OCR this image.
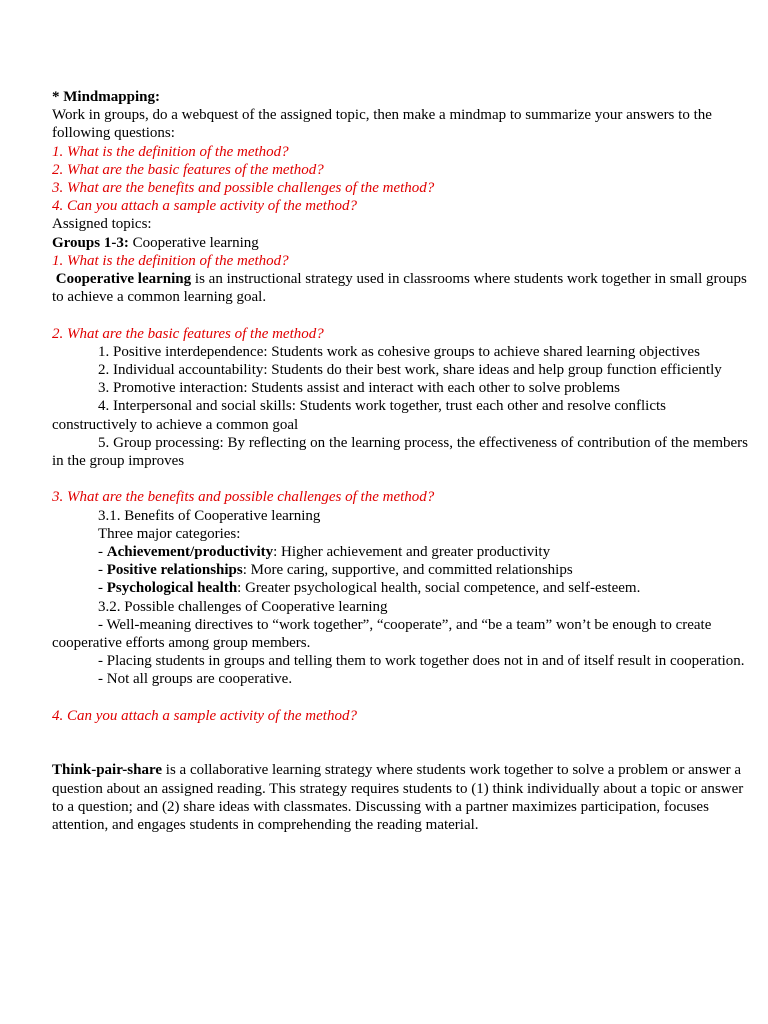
* Mindmapping:

Work in groups, do a webquest of the assigned topic, then make a mindmap to summarize your answers to the following questions:

1. What is the definition of the method?

2. What are the basic features of the method?

3. What are the benefits and possible challenges of the method?

4. Can you attach a sample activity of the method?

Assigned topics:

Groups 1-3: Cooperative learning

1. What is the definition of the method?

Cooperative learning is an instructional strategy used in classrooms where students work together in small groups to achieve a common learning goal.

2. What are the basic features of the method?

1. Positive interdependence: Students work as cohesive groups to achieve shared learning objectives

2. Individual accountability: Students do their best work, share ideas and help group function efficiently

3. Promotive interaction: Students assist and interact with each other to solve problems

4. Interpersonal and social skills: Students work together, trust each other and resolve conflicts constructively to achieve a common goal

5. Group processing: By reflecting on the learning process, the effectiveness of contribution of the members in the group improves

3. What are the benefits and possible challenges of the method?

3.1. Benefits of Cooperative learning

Three major categories:

- Achievement/productivity: Higher achievement and greater productivity

- Positive relationships: More caring, supportive, and committed relationships

- Psychological health: Greater psychological health, social competence, and self-esteem.

3.2. Possible challenges of Cooperative learning

- Well-meaning directives to “work together”, “cooperate”, and “be a team” won’t be enough to create cooperative efforts among group members.

- Placing students in groups and telling them to work together does not in and of itself result in cooperation.

- Not all groups are cooperative.

4. Can you attach a sample activity of the method?

Think-pair-share is a collaborative learning strategy where students work together to solve a problem or answer a question about an assigned reading. This strategy requires students to (1) think individually about a topic or answer to a question; and (2) share ideas with classmates. Discussing with a partner maximizes participation, focuses attention, and engages students in comprehending the reading material.
